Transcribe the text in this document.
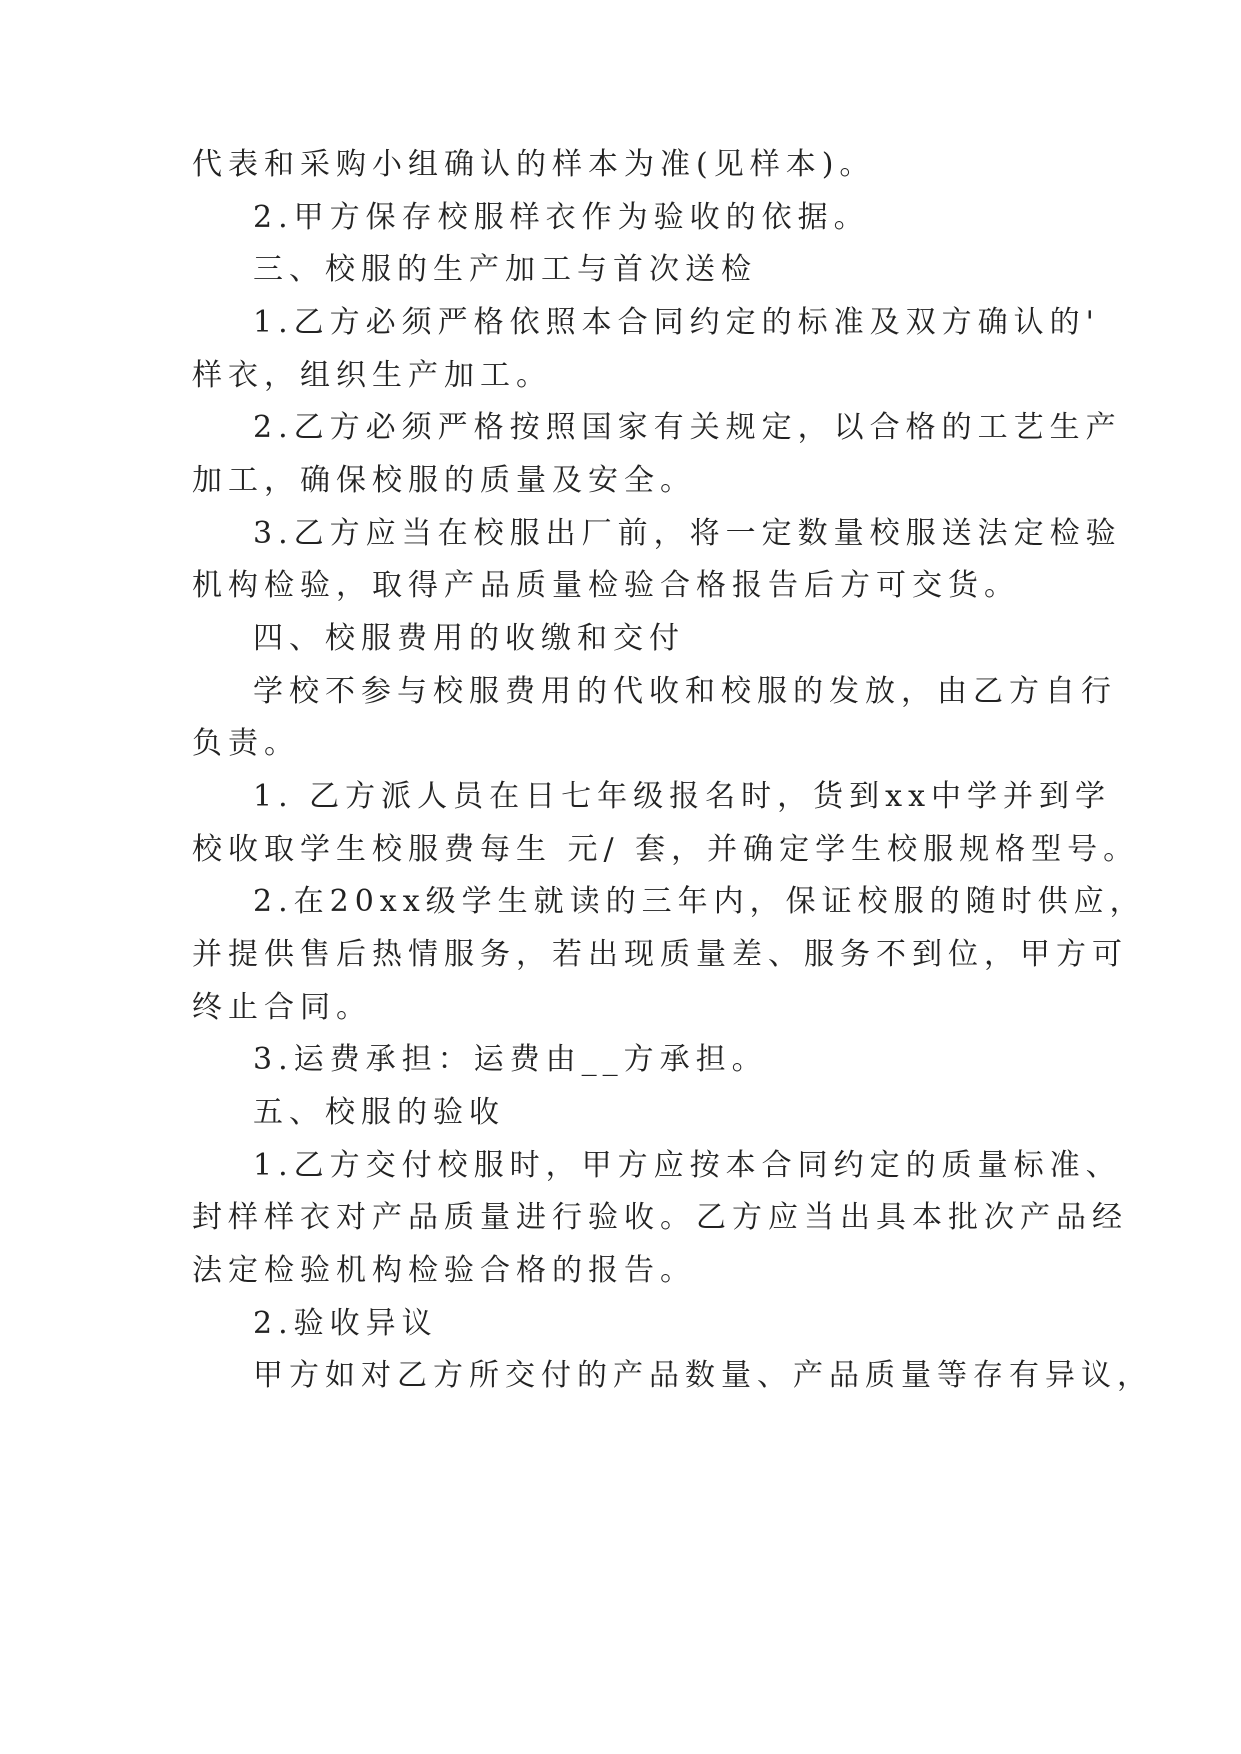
代表和采购小组确认的样本为准(见样本)。
2.甲方保存校服样衣作为验收的依据。
三、校服的生产加工与首次送检
1.乙方必须严格依照本合同约定的标准及双方确认的'
样衣，组织生产加工。
2.乙方必须严格按照国家有关规定，以合格的工艺生产
加工，确保校服的质量及安全。
3.乙方应当在校服出厂前，将一定数量校服送法定检验
机构检验，取得产品质量检验合格报告后方可交货。
四、校服费用的收缴和交付
学校不参与校服费用的代收和校服的发放，由乙方自行
负责。
1. 乙方派人员在日七年级报名时，货到xx中学并到学
校收取学生校服费每生 元/ 套，并确定学生校服规格型号。
2.在20xx级学生就读的三年内，保证校服的随时供应，
并提供售后热情服务，若出现质量差、服务不到位，甲方可
终止合同。
3.运费承担：运费由__方承担。
五、校服的验收
1.乙方交付校服时，甲方应按本合同约定的质量标准、
封样样衣对产品质量进行验收。乙方应当出具本批次产品经
法定检验机构检验合格的报告。
2.验收异议
甲方如对乙方所交付的产品数量、产品质量等存有异议，
